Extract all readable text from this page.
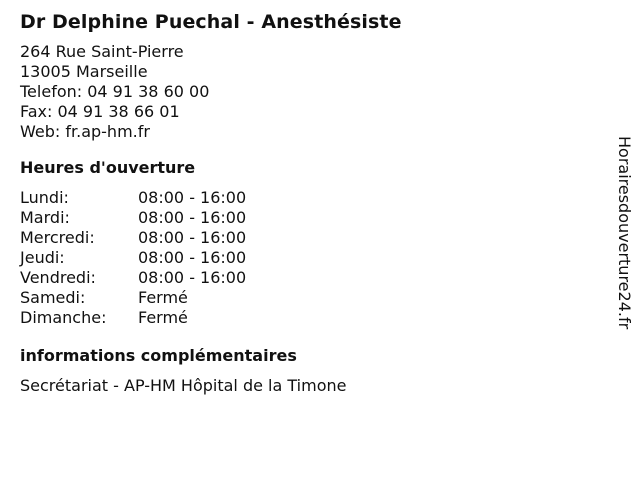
Dr Delphine Puechal - Anesthésiste

264 Rue Saint-Pierre

13005 Marseille

Telefon: 04 91 38 60 00

Fax: 04 91 38 66 01

Web: fr.ap-hm.fr

Heures d'ouverture
Lundi:	08:00 - 16:00
Mardi:	08:00 - 16:00
Mercredi:	08:00 - 16:00
Jeudi:	08:00 - 16:00
Vendredi:	08:00 - 16:00
Samedi:	Fermé
Dimanche:	Fermé
informations complémentaires

Secrétariat - AP-HM Hôpital de la Timone

Horairesdouverture24.fr
